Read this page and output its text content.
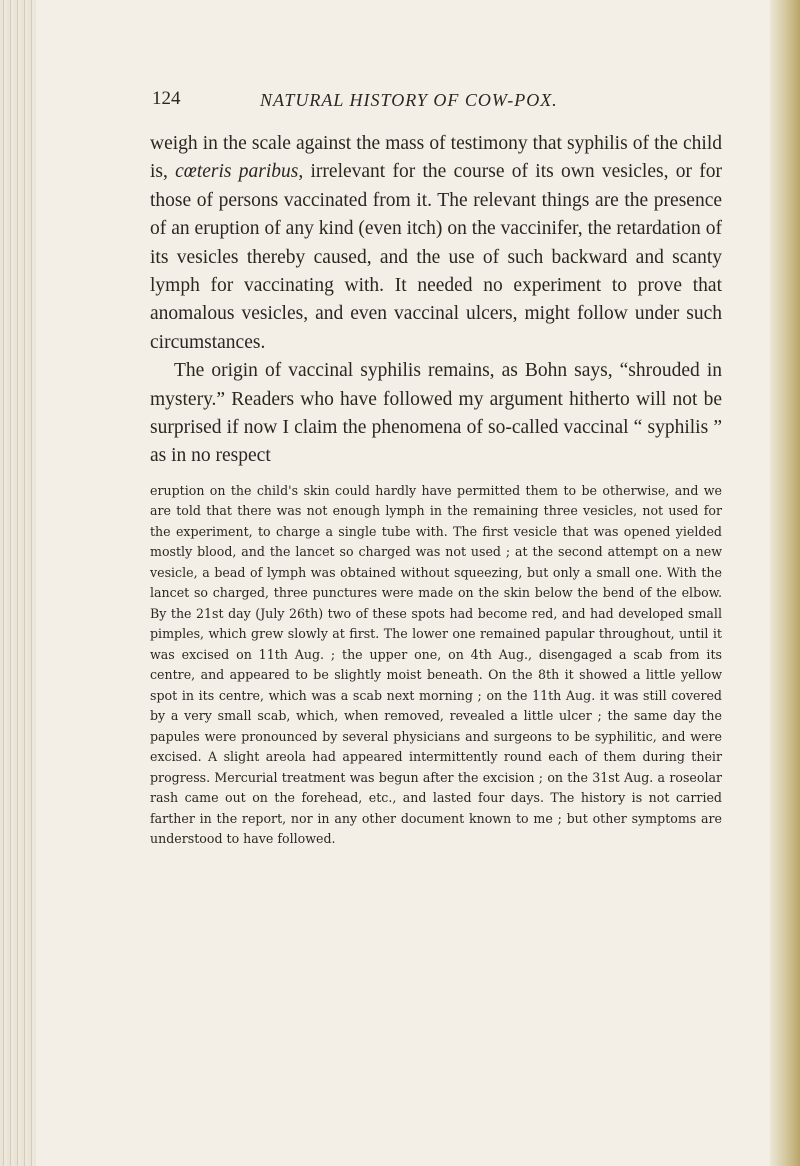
124	NATURAL HISTORY OF COW-POX.

weigh in the scale against the mass of testimony that syphilis of the child is, cœteris paribus, irrelevant for the course of its own vesicles, or for those of persons vaccinated from it. The relevant things are the presence of an eruption of any kind (even itch) on the vaccinifer, the retardation of its vesicles thereby caused, and the use of such backward and scanty lymph for vaccinating with. It needed no experiment to prove that anomalous vesicles, and even vaccinal ulcers, might follow under such circumstances.

The origin of vaccinal syphilis remains, as Bohn says, “shrouded in mystery.” Readers who have followed my argument hitherto will not be surprised if now I claim the phenomena of so-called vaccinal “ syphilis ” as in no respect

eruption on the child's skin could hardly have permitted them to be otherwise, and we are told that there was not enough lymph in the remaining three vesicles, not used for the experiment, to charge a single tube with. The first vesicle that was opened yielded mostly blood, and the lancet so charged was not used ; at the second attempt on a new vesicle, a bead of lymph was obtained without squeezing, but only a small one. With the lancet so charged, three punctures were made on the skin below the bend of the elbow. By the 21st day (July 26th) two of these spots had become red, and had developed small pimples, which grew slowly at first. The lower one remained papular throughout, until it was excised on 11th Aug. ; the upper one, on 4th Aug., disengaged a scab from its centre, and appeared to be slightly moist beneath. On the 8th it showed a little yellow spot in its centre, which was a scab next morning ; on the 11th Aug. it was still covered by a very small scab, which, when removed, revealed a little ulcer ; the same day the papules were pronounced by several physicians and surgeons to be syphilitic, and were excised. A slight areola had appeared intermittently round each of them during their progress. Mercurial treatment was begun after the excision ; on the 31st Aug. a roseolar rash came out on the forehead, etc., and lasted four days. The history is not carried farther in the report, nor in any other document known to me ; but other symptoms are understood to have followed.
